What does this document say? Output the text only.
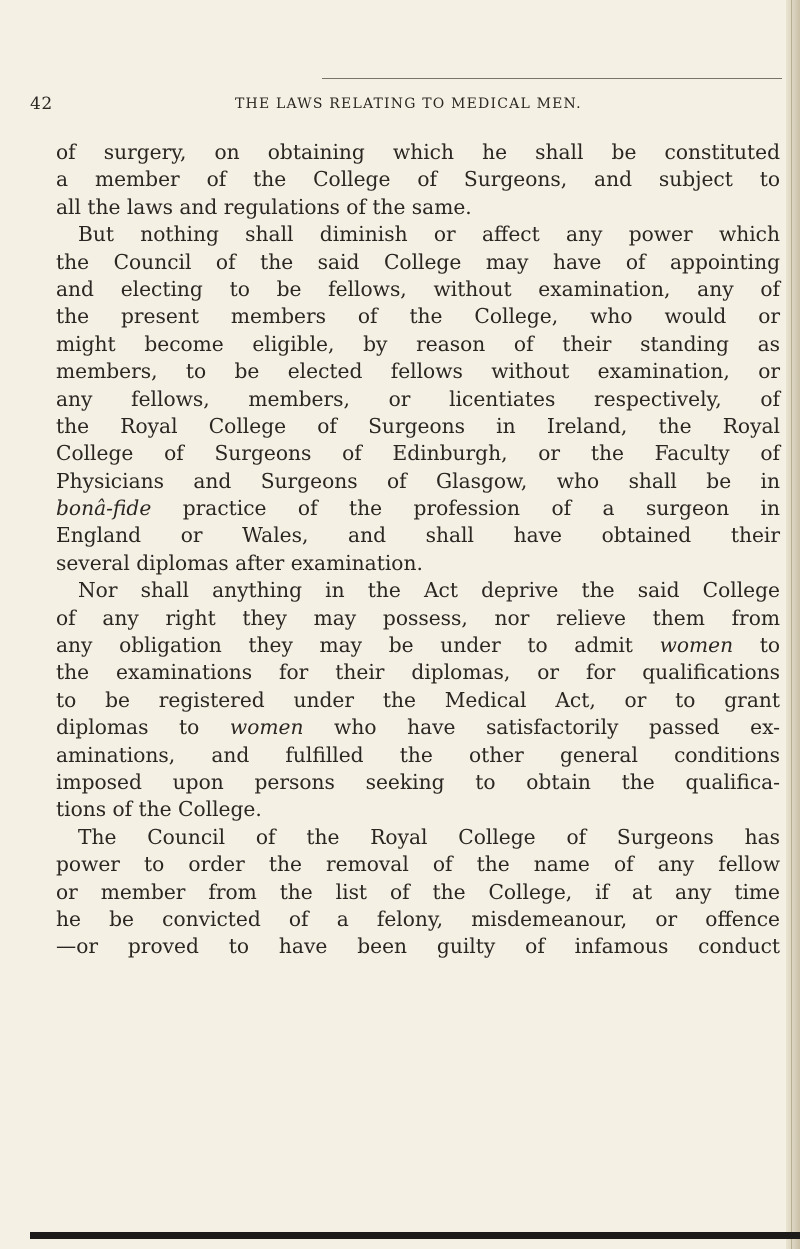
42	THE LAWS RELATING TO MEDICAL MEN.
of surgery, on obtaining which he shall be constituted
a member of the College of Surgeons, and subject to
all the laws and regulations of the same.
But nothing shall diminish or affect any power which
the Council of the said College may have of appointing
and electing to be fellows, without examination, any of
the present members of the College, who would or
might become eligible, by reason of their standing as
members, to be elected fellows without examination, or
any fellows, members, or licentiates respectively, of
the Royal College of Surgeons in Ireland, the Royal
College of Surgeons of Edinburgh, or the Faculty of
Physicians and Surgeons of Glasgow, who shall be in
bonâ-fide practice of the profession of a surgeon in
England or Wales, and shall have obtained their
several diplomas after examination.
Nor shall anything in the Act deprive the said College
of any right they may possess, nor relieve them from
any obligation they may be under to admit women to
the examinations for their diplomas, or for qualifications
to be registered under the Medical Act, or to grant
diplomas to women who have satisfactorily passed ex-
aminations, and fulfilled the other general conditions
imposed upon persons seeking to obtain the qualifica-
tions of the College.
The Council of the Royal College of Surgeons has
power to order the removal of the name of any fellow
or member from the list of the College, if at any time
he be convicted of a felony, misdemeanour, or offence
—or proved to have been guilty of infamous conduct
